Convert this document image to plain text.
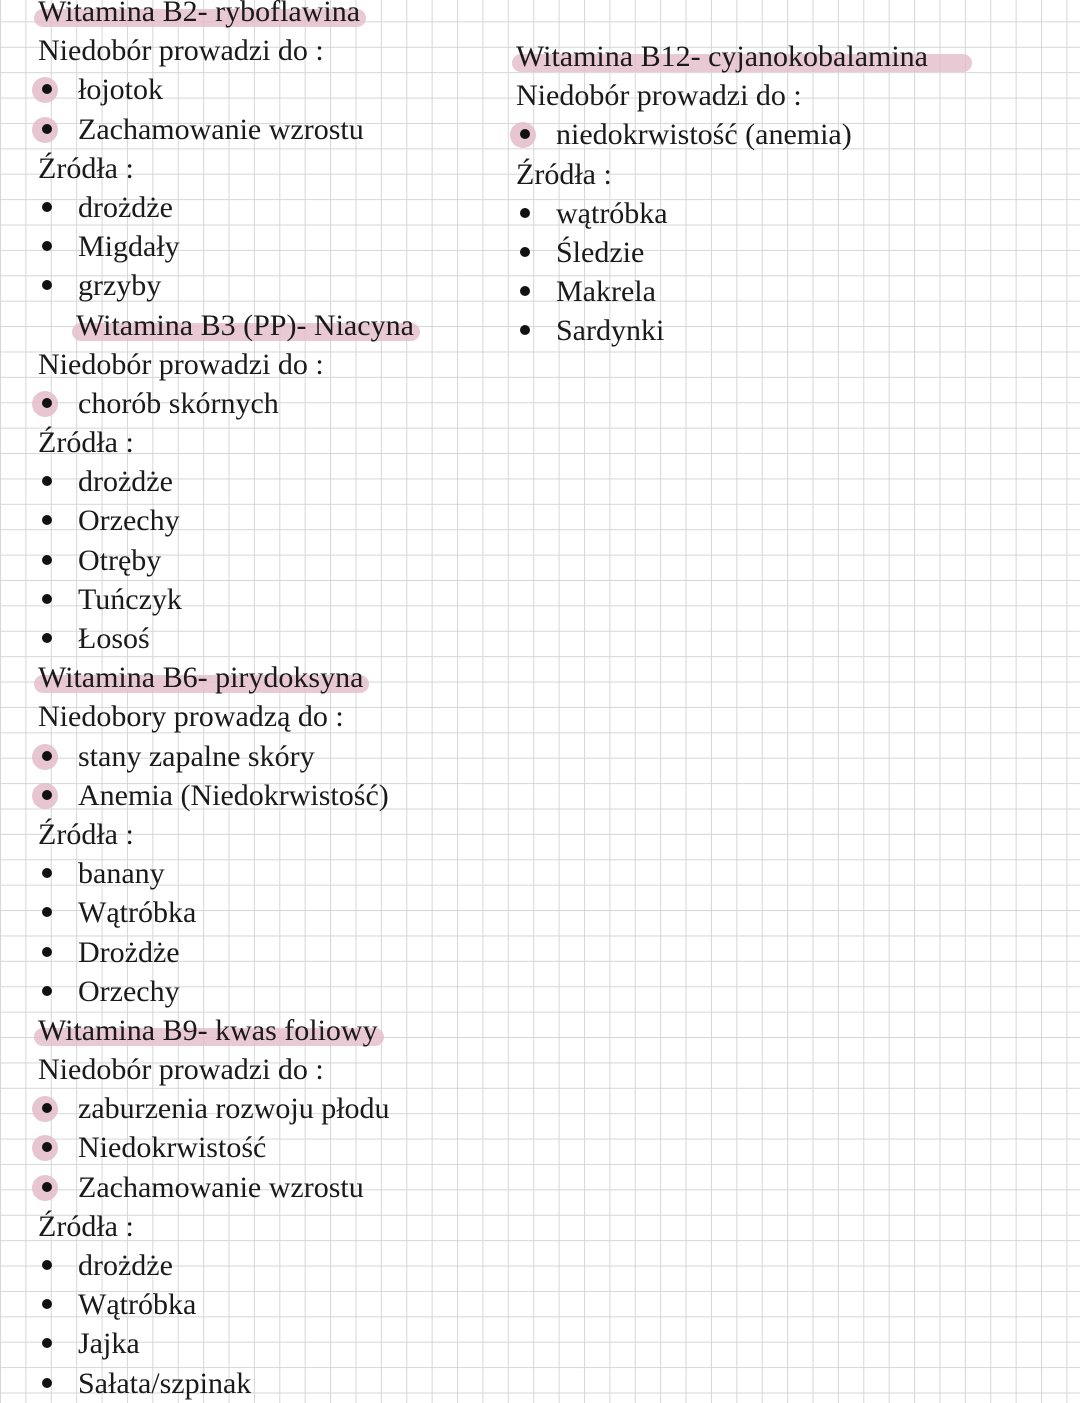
Witamina B2- ryboflawina
Niedobór prowadzi do :
łojotok
Zachamowanie wzrostu
Źródła :
drożdże
Migdały
grzyby
Witamina B3 (PP)- Niacyna
Niedobór prowadzi do :
chorób skórnych
Źródła :
drożdże
Orzechy
Otręby
Tuńczyk
Łosoś
Witamina B6- pirydoksyna
Niedobory prowadzą do :
stany zapalne skóry
Anemia (Niedokrwistość)
Źródła :
banany
Wątróbka
Drożdże
Orzechy
Witamina B9- kwas foliowy
Niedobór prowadzi do :
zaburzenia rozwoju płodu
Niedokrwistość
Zachamowanie wzrostu
Źródła :
drożdże
Wątróbka
Jajka
Sałata/szpinak
Witamina B12- cyjanokobalamina
Niedobór prowadzi do :
niedokrwistość (anemia)
Źródła :
wątróbka
Śledzie
Makrela
Sardynki
